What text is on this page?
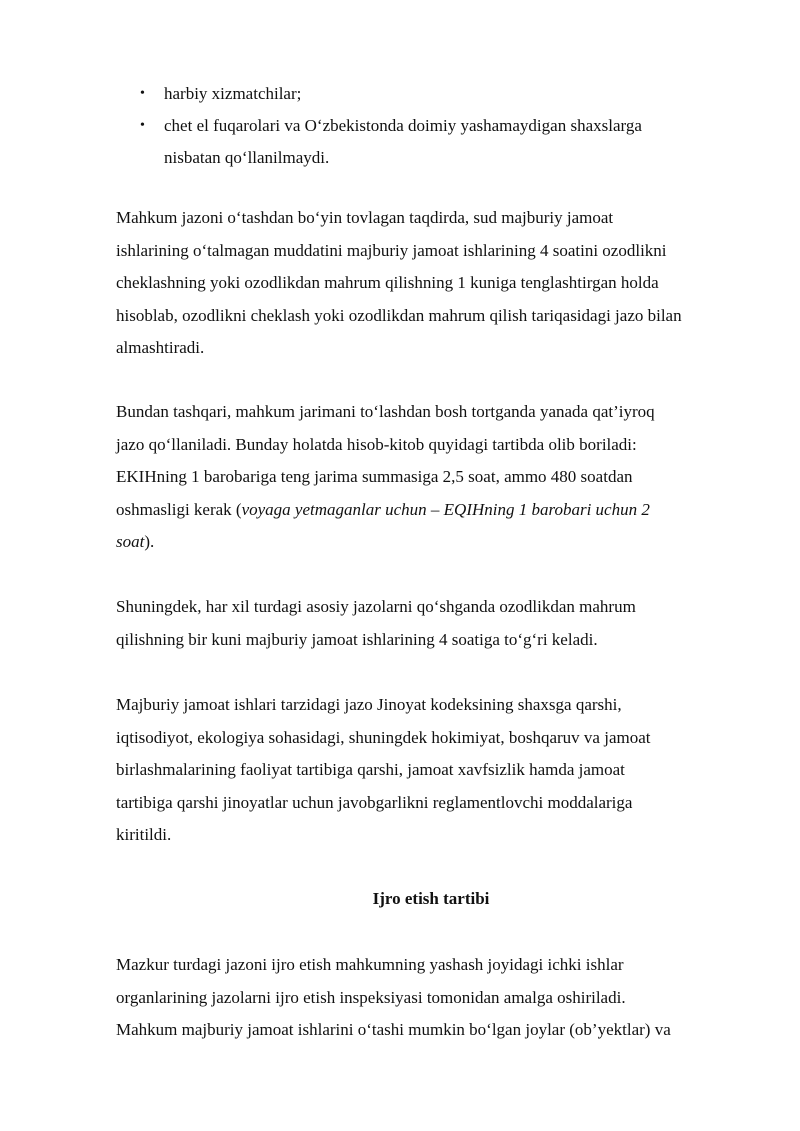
• harbiy xizmatchilar;
• chet el fuqarolari va O‘zbekistonda doimiy yashamaydigan shaxslarga
nisbatan qo‘llanilmaydi.

Mahkum jazoni o‘tashdan bo‘yin tovlagan taqdirda, sud majburiy jamoat
ishlarining o‘talmagan muddatini majburiy jamoat ishlarining 4 soatini ozodlikni
cheklashning yoki ozodlikdan mahrum qilishning 1 kuniga tenglashtirgan holda
hisoblab, ozodlikni cheklash yoki ozodlikdan mahrum qilish tariqasidagi jazo bilan
almashtiradi.

Bundan tashqari, mahkum jarimani to‘lashdan bosh tortganda yanada qat’iyroq
jazo qo‘llaniladi. Bunday holatda hisob-kitob quyidagi tartibda olib boriladi:
EKIHning 1 barobariga teng jarima summasiga 2,5 soat, ammo 480 soatdan
oshmasligi kerak (voyaga yetmaganlar uchun – EQIHning 1 barobari uchun 2
soat).

Shuningdek, har xil turdagi asosiy jazolarni qo‘shganda ozodlikdan mahrum
qilishning bir kuni majburiy jamoat ishlarining 4 soatiga to‘g‘ri keladi.

Majburiy jamoat ishlari tarzidagi jazo Jinoyat kodeksining shaxsga qarshi,
iqtisodiyot, ekologiya sohasidagi, shuningdek hokimiyat, boshqaruv va jamoat
birlashmalarining faoliyat tartibiga qarshi, jamoat xavfsizlik hamda jamoat
tartibiga qarshi jinoyatlar uchun javobgarlikni reglamentlovchi moddalariga
kiritildi.

Ijro etish tartibi

Mazkur turdagi jazoni ijro etish mahkumning yashash joyidagi ichki ishlar
organlarining jazolarni ijro etish inspeksiyasi tomonidan amalga oshiriladi.
Mahkum majburiy jamoat ishlarini o‘tashi mumkin bo‘lgan joylar (ob’yektlar) va
